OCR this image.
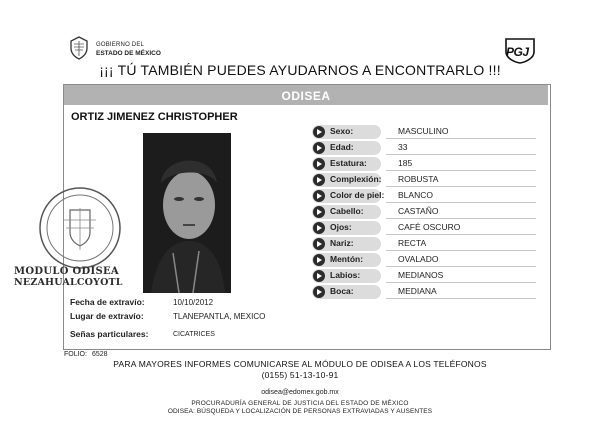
GOBIERNO DEL
ESTADO DE MÉXICO	PGJ
¡¡¡ TÚ TAMBIÉN PUEDES AYUDARNOS A ENCONTRARLO !!!
ODISEA
ORTIZ JIMENEZ CHRISTOPHER
MODULO ODISEA
NEZAHUALCOYOTL
Sexo:	MASCULINO
Edad:	33
Estatura:	185
Complexión: ROBUSTA
Color de piel: BLANCO
Cabello:	CASTAÑO
Ojos:	CAFÉ OSCURO
Nariz:	RECTA
Mentón:	OVALADO
Labios:	MEDIANOS
Boca:	MEDIANA
Fecha de extravío:	10/10/2012
Lugar de extravío:	TLANEPANTLA, MEXICO
Señas particulares:	CICATRICES
FOLIO: 6528
PARA MAYORES INFORMES COMUNICARSE AL MÓDULO DE ODISEA A LOS TELÉFONOS
(0155) 51-13-10-91
odisea@edomex.gob.mx
PROCURADURÍA GENERAL DE JUSTICIA DEL ESTADO DE MÉXICO
ODISEA: BÚSQUEDA Y LOCALIZACIÓN DE PERSONAS EXTRAVIADAS Y AUSENTES
